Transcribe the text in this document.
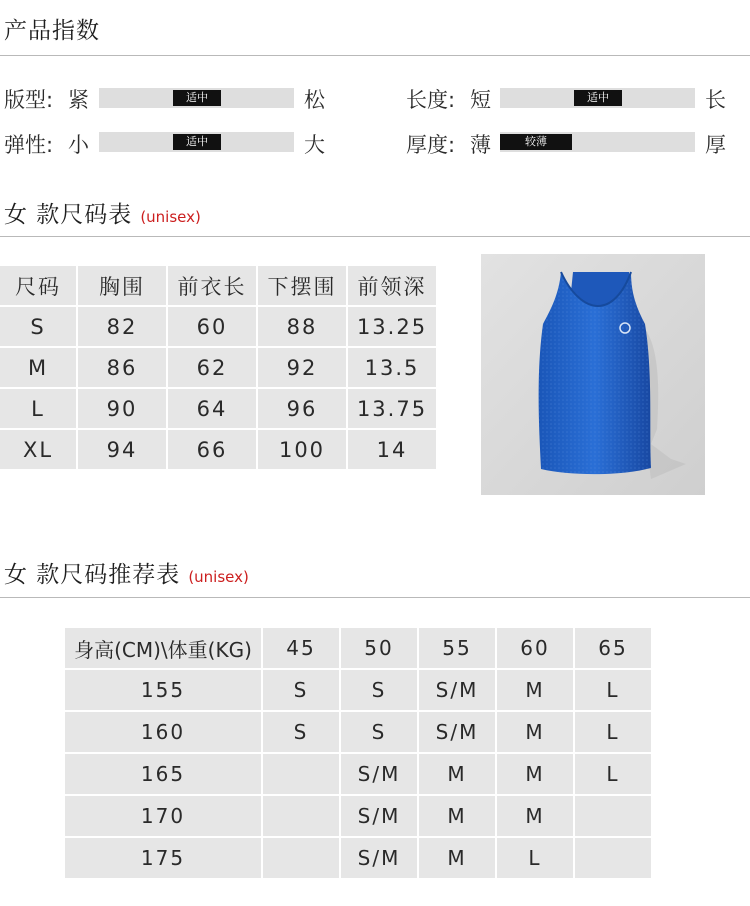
产品指数
版型: 紧	适中	松	长度: 短	适中	长
弹性: 小	适中	大	厚度: 薄	较薄	厚
女 款尺码表 (unisex)
尺码	胸围	前衣长	下摆围	前领深
S	82	60	88	13.25
M	86	62	92	13.5
L	90	64	96	13.75
XL	94	66	100	14
女 款尺码推荐表 (unisex)
身高(CM)\体重(KG)	45	50	55	60	65
155	S	S	S/M	M	L
160	S	S	S/M	M	L
165		S/M	M	M	L
170		S/M	M	M	
175		S/M	M	L	
